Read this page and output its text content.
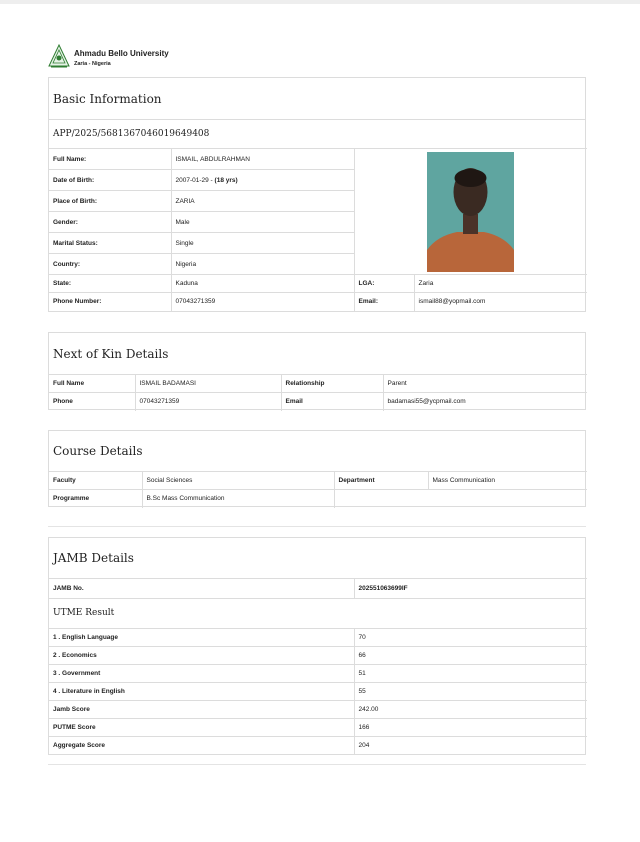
Ahmadu Bello University
Zaria - Nigeria
Basic Information
APP/2025/5681367046019649408
Full Name:	ISMAIL, ABDULRAHMAN	
Date of Birth:	2007-01-29 - (18 yrs)		
Place of Birth:	ZARIA		
Gender:	Male		
Marital Status:	Single		
Country:	Nigeria		
State:	Kaduna	LGA:	Zaria
Phone Number:	07043271359	Email:	ismail88@yopmail.com
Next of Kin Details
Full Name	ISMAIL BADAMASI	Relationship	Parent
Phone	07043271359	Email	badamasi55@ycpmail.com
Course Details
Faculty	Social Sciences	Department	Mass Communication
Programme	B.Sc Mass Communication		
JAMB Details
JAMB No.	202551063699IF
UTME Result
1 . English Language	70
2 . Economics	66
3 . Government	51
4 . Literature in English	55
Jamb Score	242.00
PUTME Score	166
Aggregate Score	204
